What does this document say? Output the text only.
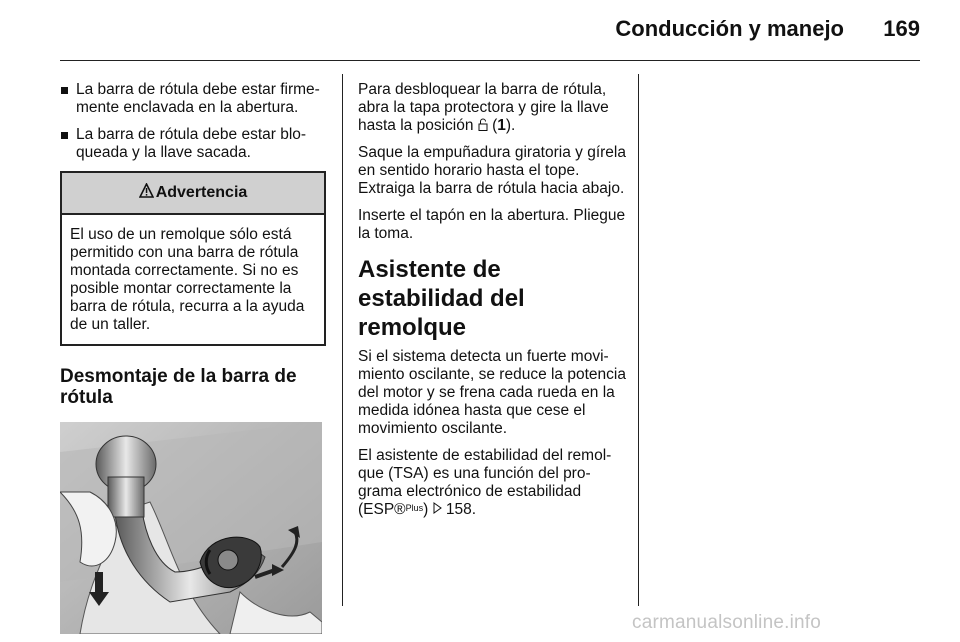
Conducción y manejo 169
La barra de rótula debe estar firmemente enclavada en la abertura.
La barra de rótula debe estar bloqueada y la llave sacada.
Advertencia
El uso de un remolque sólo está permitido con una barra de rótula montada correctamente. Si no es posible montar correctamente la barra de rótula, recurra a la ayuda de un taller.
Desmontaje de la barra de rótula

Para desbloquear la barra de rótula, abra la tapa protectora y gire la llave hasta la posición  (1).

Saque la empuñadura giratoria y gírela en sentido horario hasta el tope. Extraiga la barra de rótula hacia abajo.

Inserte el tapón en la abertura. Pliegue la toma.

Asistente de estabilidad del remolque

Si el sistema detecta un fuerte movimiento oscilante, se reduce la potencia del motor y se frena cada rueda en la medida idónea hasta que cese el movimiento oscilante.

El asistente de estabilidad del remolque (TSA) es una función del programa electrónico de estabilidad (ESP®$^{Plus}$)  158.

carmanualsonline.info
